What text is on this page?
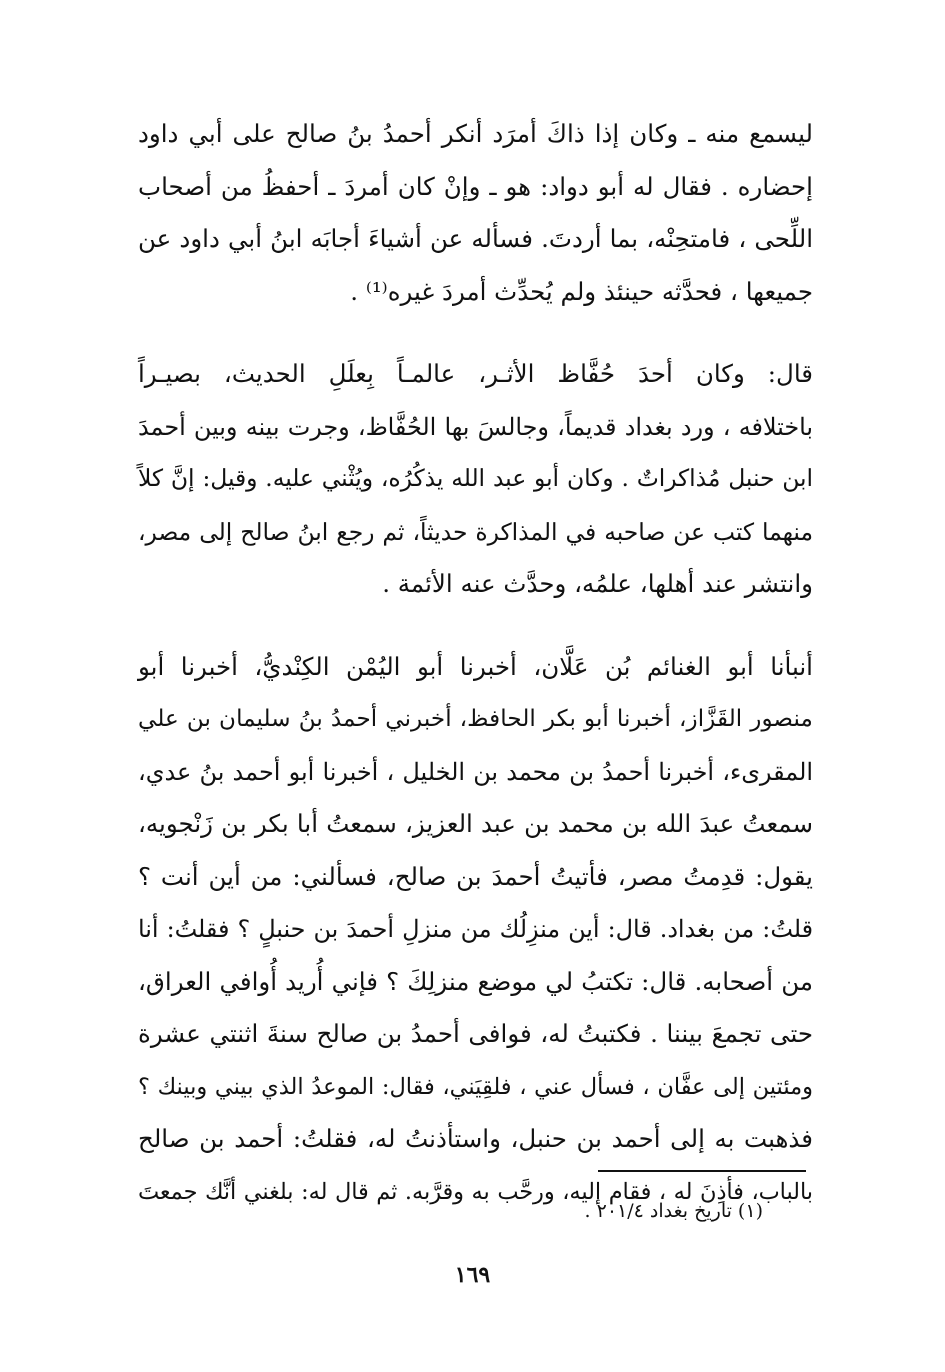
ليسمع منه ـ وكان إذا ذاكَ أمرَد أنكر أحمدُ بنُ صالح على أبي داود
إحضاره . فقال له أبو دواد: هو ـ وإنْ كان أمردَ ـ أحفظُ من أصحاب
اللِّحى ، فامتحِنْه، بما أردتَ. فسأله عن أشياءَ أجابَه ابنُ أبي داود عن
جميعها ، فحدَّثه حينئذ ولم يُحدِّث أمردَ غيره⁽¹⁾ .

قال: وكان أحدَ حُفَّاظ الأثـر، عالمـاً بِعلَلِ الحديث، بصيـراً
باختلافه ، ورد بغداد قديماً، وجالسَ بها الحُفَّاظ، وجرت بينه وبين أحمدَ
ابن حنبل مُذاكراتٌ . وكان أبو عبد الله يذكُرُه، ويُثْني عليه. وقيل: إنَّ كلاً
منهما كتب عن صاحبه في المذاكرة حديثاً، ثم رجع ابنُ صالح إلى مصر،
وانتشر عند أهلها، علمُه، وحدَّث عنه الأئمة .

أنبأنا أبو الغنائم بُن عَلَّان، أخبرنا أبو اليُمْن الكِنْديُّ، أخبرنا أبو
منصور القَزَّاز، أخبرنا أبو بكر الحافظ، أخبرني أحمدُ بنُ سليمان بن علي
المقرىء، أخبرنا أحمدُ بن محمد بن الخليل ، أخبرنا أبو أحمد بنُ عدي،
سمعتُ عبدَ الله بن محمد بن عبد العزيز، سمعتُ أبا بكر بن زَنْجويه،
يقول: قدِمتُ مصر، فأتيتُ أحمدَ بن صالح، فسألني: من أين أنت ؟
قلتُ: من بغداد. قال: أين منزِلُك من منزلِ أحمدَ بن حنبلٍ ؟ فقلتُ: أنا
من أصحابه. قال: تكتبُ لي موضع منزلِكَ ؟ فإني أُريد أُوافي العراق،
حتى تجمعَ بيننا . فكتبتُ له، فوافى أحمدُ بن صالح سنةَ اثنتي عشرة
ومئتين إلى عفَّان ، فسأل عني ، فلقِيَني، فقال: الموعدُ الذي بيني وبينك ؟
فذهبت به إلى أحمد بن حنبل، واستأذنتُ له، فقلتُ: أحمد بن صالح
بالباب، فأذِنَ له ، فقام إليه، ورحَّب به وقرَّبه. ثم قال له: بلغني أنَّك جمعتَ

(١) تاريخ بغداد ٢٠١/٤ .
١٦٩
